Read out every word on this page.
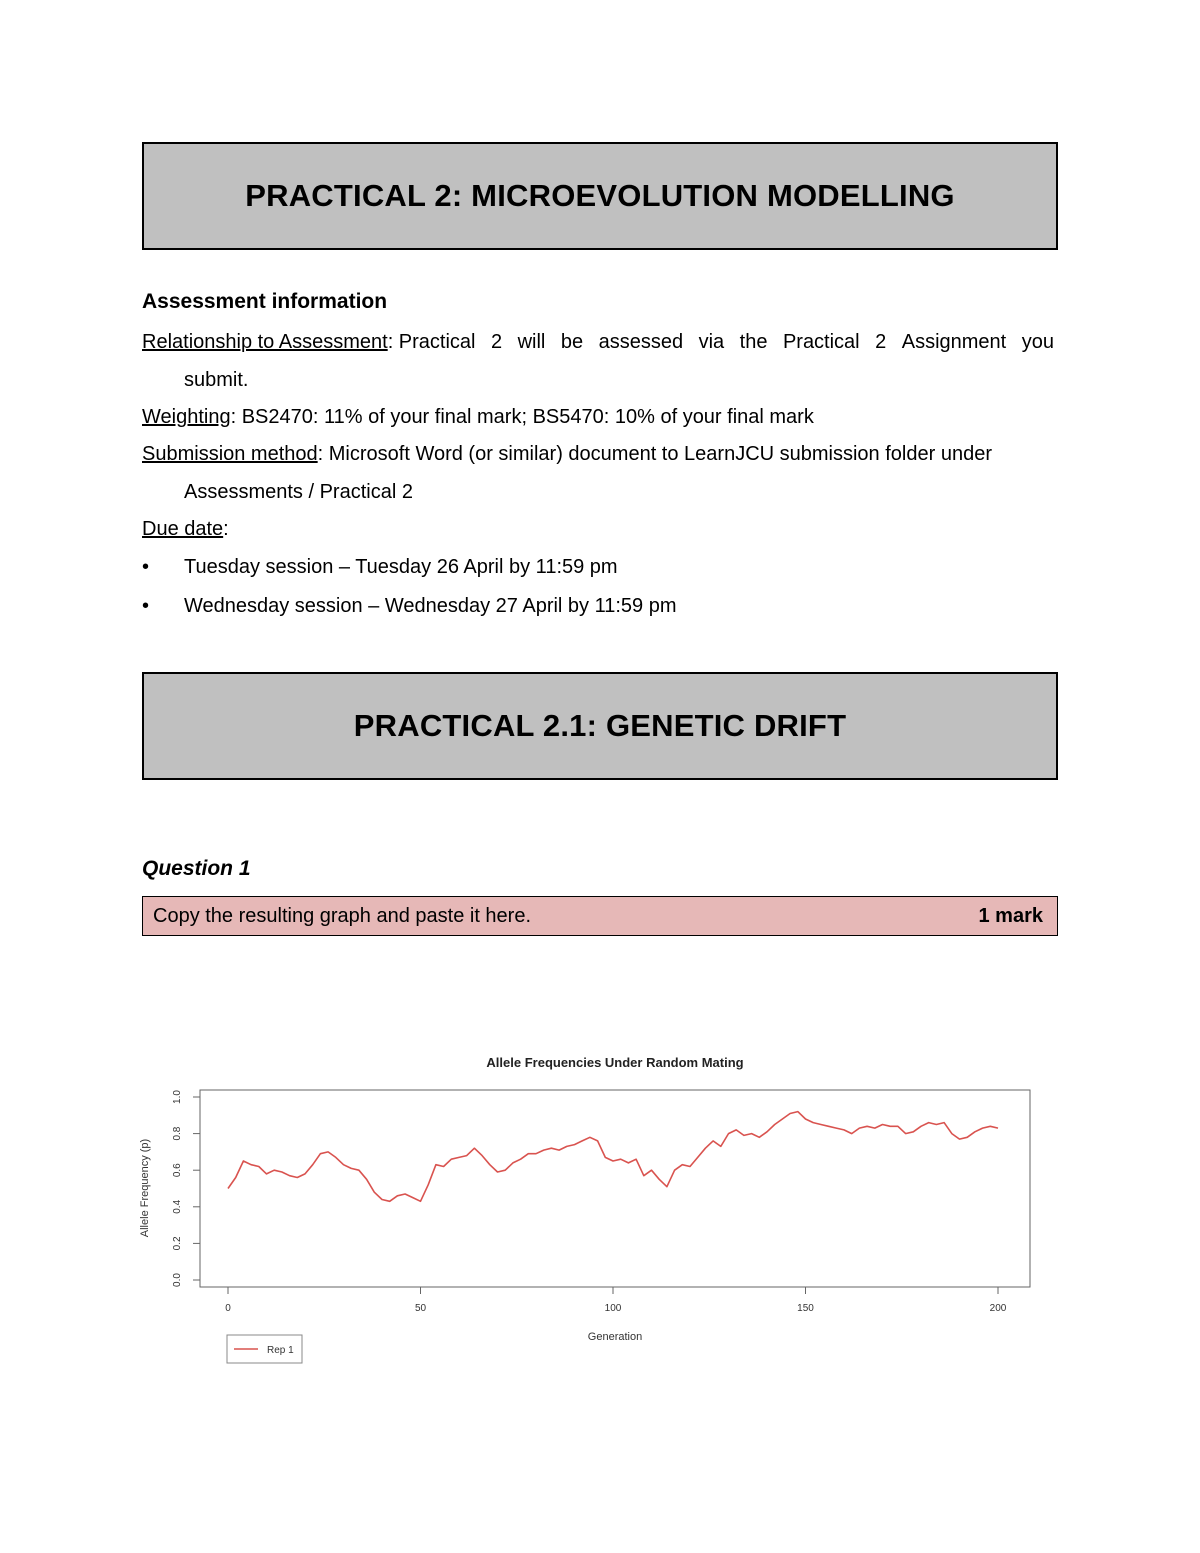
PRACTICAL 2: MICROEVOLUTION MODELLING
Assessment information
Relationship to Assessment: Practical 2 will be assessed via the Practical 2 Assignment you
submit.
Weighting: BS2470: 11% of your final mark; BS5470: 10% of your final mark
Submission method: Microsoft Word (or similar) document to LearnJCU submission folder under
Assessments / Practical 2
Due date:
• Tuesday session – Tuesday 26 April by 11:59 pm
• Wednesday session – Wednesday 27 April by 11:59 pm
PRACTICAL 2.1: GENETIC DRIFT
Question 1
Copy the resulting graph and paste it here.	1 mark
Allele Frequencies Under Random Mating
0	50	100	150	200
0.0
0.2
0.4
0.6
0.8
1.0
Generation
Allele Frequency (p)
Rep 1
